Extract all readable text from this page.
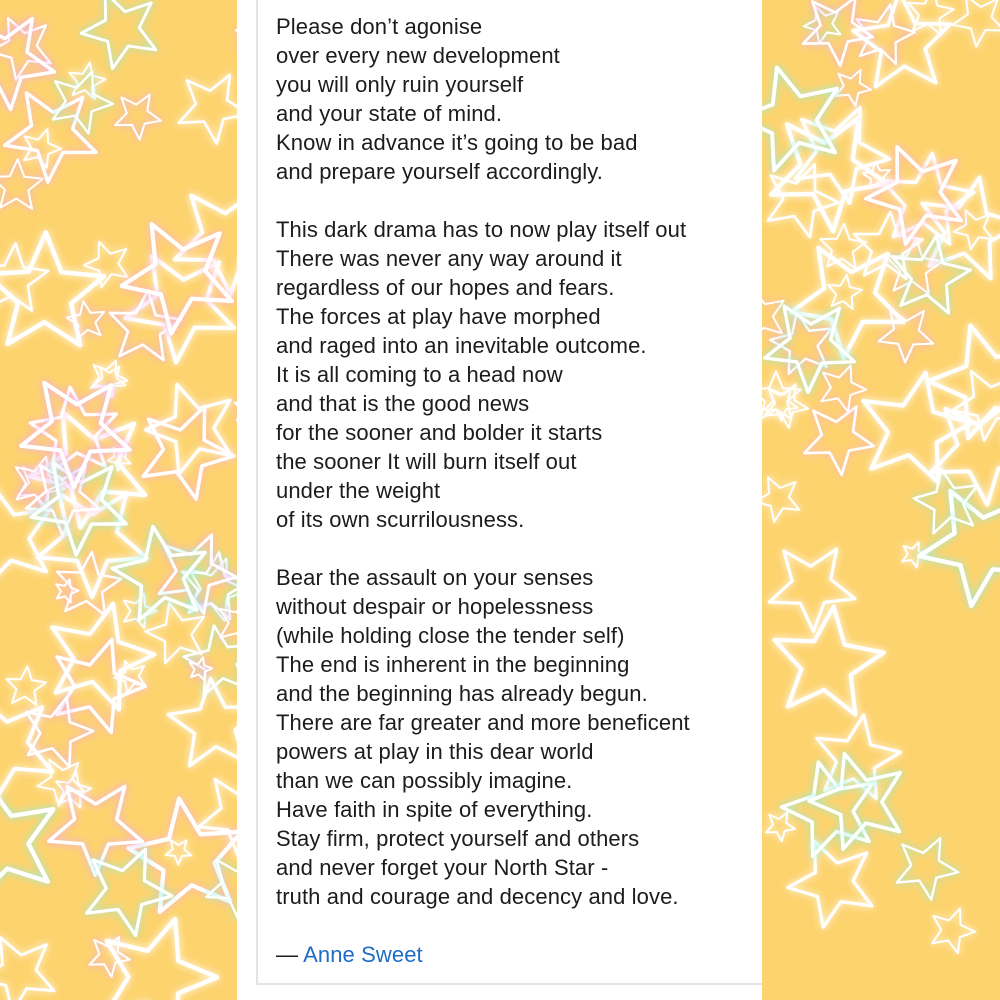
Please don’t agonise
over every new development
you will only ruin yourself
and your state of mind.
Know in advance it’s going to be bad
and prepare yourself accordingly.
This dark drama has to now play itself out
There was never any way around it
regardless of our hopes and fears.
The forces at play have morphed
and raged into an inevitable outcome.
It is all coming to a head now
and that is the good news
for the sooner and bolder it starts
the sooner It will burn itself out
under the weight
of its own scurrilousness.
Bear the assault on your senses
without despair or hopelessness
(while holding close the tender self)
The end is inherent in the beginning
and the beginning has already begun.
There are far greater and more beneficent
powers at play in this dear world
than we can possibly imagine.
Have faith in spite of everything.
Stay firm, protect yourself and others
and never forget your North Star -
truth and courage and decency and love.
— Anne Sweet
